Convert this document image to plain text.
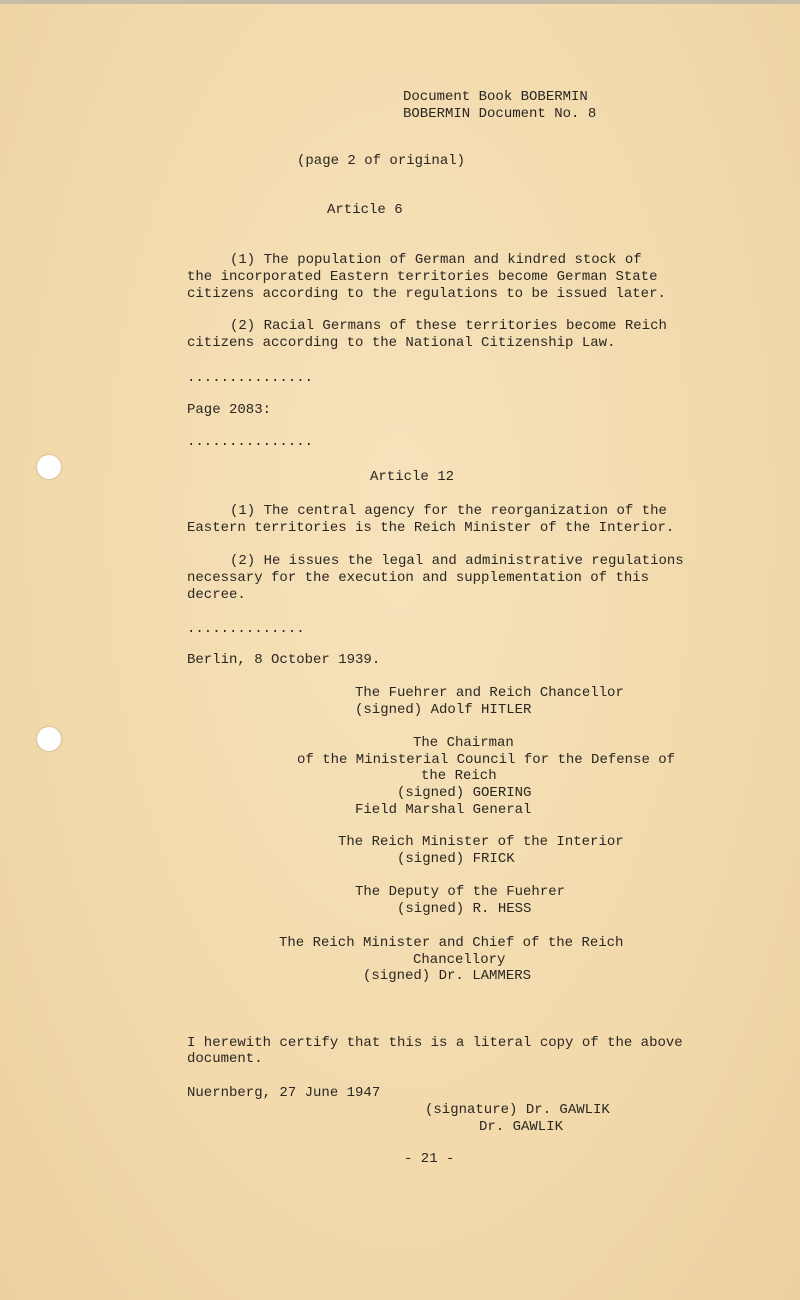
Document Book BOBERMIN
BOBERMIN Document No. 8
(page 2 of original)
Article 6
(1) The population of German and kindred stock of
the incorporated Eastern territories become German State
citizens according to the regulations to be issued later.
(2) Racial Germans of these territories become Reich
citizens according to the National Citizenship Law.
...............
Page 2083:
...............
Article 12
(1) The central agency for the reorganization of the
Eastern territories is the Reich Minister of the Interior.
(2) He issues the legal and administrative regulations
necessary for the execution and supplementation of this
decree.
..............
Berlin, 8 October 1939.
The Fuehrer and Reich Chancellor
(signed) Adolf HITLER
The Chairman
of the Ministerial Council for the Defense of
the Reich
(signed) GOERING
Field Marshal General
The Reich Minister of the Interior
(signed) FRICK
The Deputy of the Fuehrer
(signed) R. HESS
The Reich Minister and Chief of the Reich
Chancellory
(signed) Dr. LAMMERS
I herewith certify that this is a literal copy of the above
document.
Nuernberg, 27 June 1947
(signature) Dr. GAWLIK
Dr. GAWLIK
- 21 -
